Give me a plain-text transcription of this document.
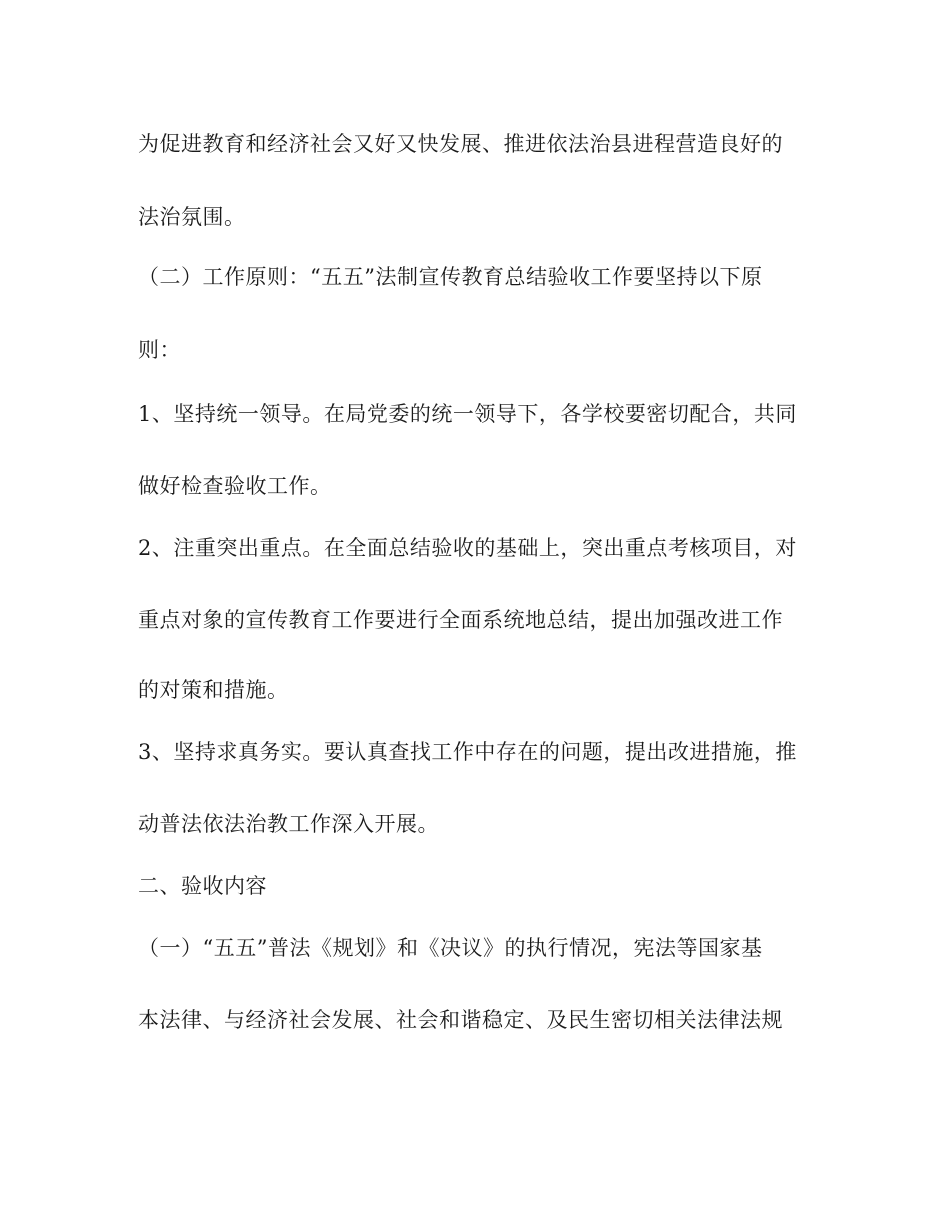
为促进教育和经济社会又好又快发展、推进依法治县进程营造良好的

法治氛围。

（二）工作原则：“五五”法制宣传教育总结验收工作要坚持以下原

则：

1、坚持统一领导。在局党委的统一领导下，各学校要密切配合，共同

做好检查验收工作。

2、注重突出重点。在全面总结验收的基础上，突出重点考核项目，对

重点对象的宣传教育工作要进行全面系统地总结，提出加强改进工作

的对策和措施。

3、坚持求真务实。要认真查找工作中存在的问题，提出改进措施，推

动普法依法治教工作深入开展。

二、验收内容

（一）“五五”普法《规划》和《决议》的执行情况，宪法等国家基

本法律、与经济社会发展、社会和谐稳定、及民生密切相关法律法规
